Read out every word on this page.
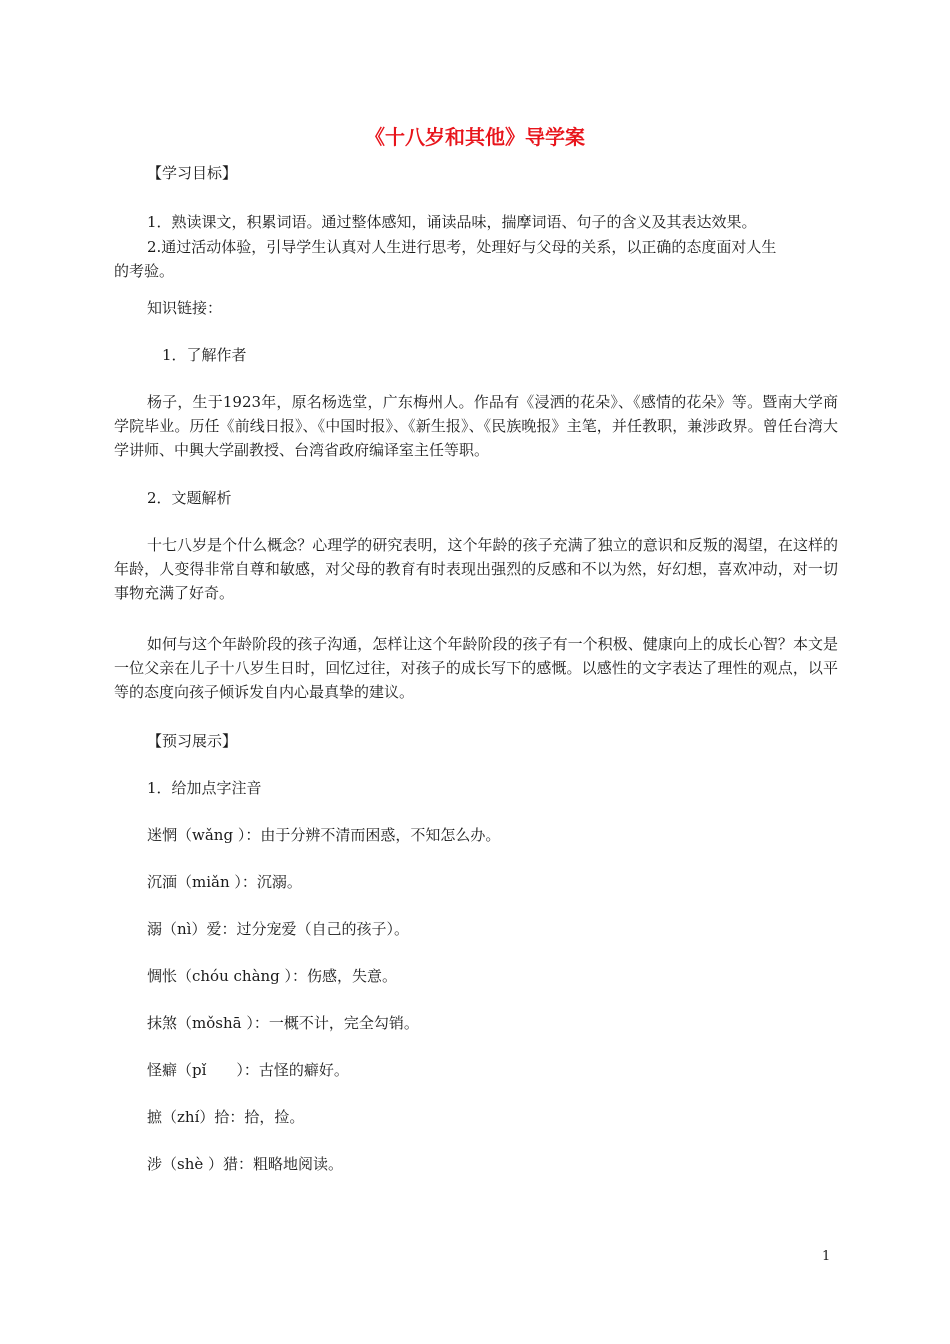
《十八岁和其他》导学案
【学习目标】
1．熟读课文，积累词语。通过整体感知，诵读品味，揣摩词语、句子的含义及其表达效果。
2.通过活动体验，引导学生认真对人生进行思考，处理好与父母的关系，以正确的态度面对人生
的考验。
知识链接：
1．了解作者
杨子，生于1923年，原名杨选堂，广东梅州人。作品有《浸洒的花朵》、《感情的花朵》等。暨南大学商学院毕业。历任《前线日报》、《中国时报》、《新生报》、《民族晚报》主笔，并任教职，兼涉政界。曾任台湾大学讲师、中興大学副教授、台湾省政府编译室主任等职。
2．文题解析
十七八岁是个什么概念？心理学的研究表明，这个年龄的孩子充满了独立的意识和反叛的渴望，在这样的年龄，人变得非常自尊和敏感，对父母的教育有时表现出强烈的反感和不以为然，好幻想，喜欢冲动，对一切事物充满了好奇。
如何与这个年龄阶段的孩子沟通，怎样让这个年龄阶段的孩子有一个积极、健康向上的成长心智？本文是一位父亲在儿子十八岁生日时，回忆过往，对孩子的成长写下的感慨。以感性的文字表达了理性的观点，以平等的态度向孩子倾诉发自内心最真挚的建议。
【预习展示】
1．给加点字注音
迷惘（wǎng ）：由于分辨不清而困惑，不知怎么办。
沉湎（miǎn ）：沉溺。
溺（nì）爱：过分宠爱（自己的孩子）。
惆怅（chóu chàng ）：伤感，失意。
抹煞（mǒshā ）：一概不计，完全勾销。
怪癖（pǐ　　）：古怪的癖好。
摭（zhí）拾：拾，捡。
涉（shè ）猎：粗略地阅读。
1
